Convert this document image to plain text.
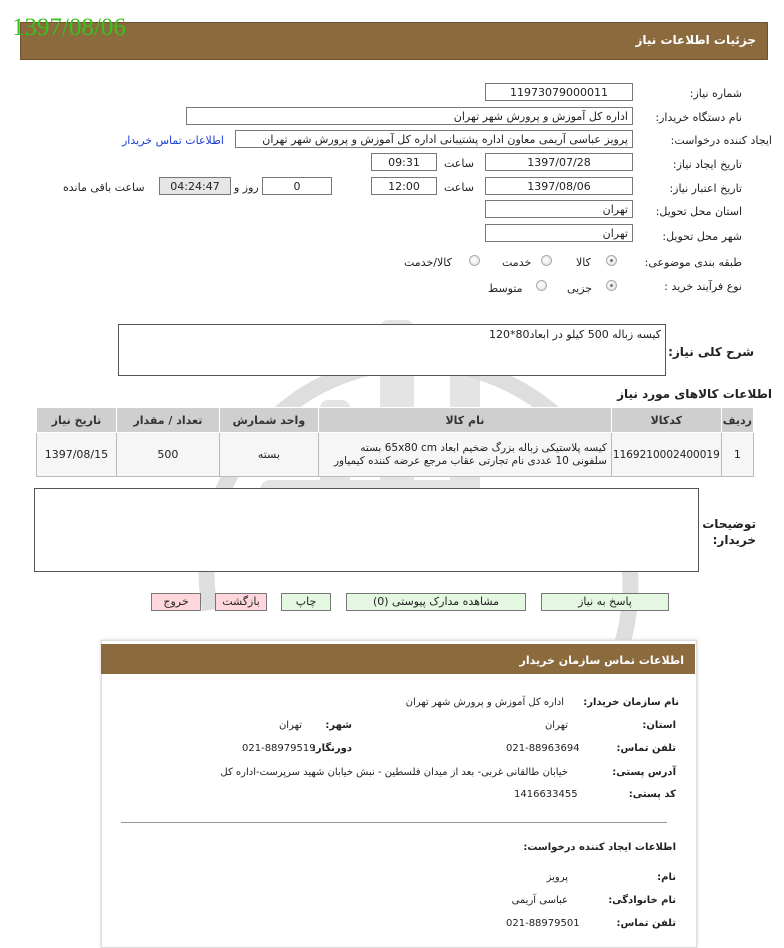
جزئیات اطلاعات نیاز
1397/08/06
شماره نیاز:
11973079000011
نام دستگاه خریدار:
اداره کل آموزش و پرورش شهر تهران
ایجاد کننده درخواست:
پرویز عباسی آریمی معاون اداره پشتیبانی اداره کل آموزش و پرورش شهر تهران
اطلاعات تماس خریدار
تاریخ ایجاد نیاز:
1397/07/28
ساعت
09:31
تاریخ اعتبار نیاز:
1397/08/06
ساعت
12:00
0
روز و
04:24:47
ساعت باقی مانده
استان محل تحویل:
تهران
شهر محل تحویل:
تهران
طبقه بندی موضوعی:
کالا
خدمت
کالا/خدمت
نوع فرآیند خرید :
جزیی
متوسط
شرح کلی نیاز:
کیسه زباله 500 کیلو در ابعاد80*120
اطلاعات کالاهای مورد نیاز
ردیف	کدکالا	نام کالا	واحد شمارش	تعداد / مقدار	تاریخ نیاز
1	1169210002400019	کیسه پلاستیکی زباله بزرگ ضخیم ابعاد 65x80 cm بسته سلفونی 10 عددی نام تجارتی عقاب مرجع عرضه کننده کیمیاور	بسته	500	1397/08/15
توضیحات خریدار:
پاسخ به نیاز
مشاهده مدارک پیوستی (0)
چاپ
بازگشت
خروج
اطلاعات تماس سازمان خریدار
نام سازمان خریدار:
اداره کل آموزش و پرورش شهر تهران
استان:
تهران
شهر:
تهران
تلفن تماس:
021-88963694
دورنگار:
021-88979519
آدرس پستی:
خیابان طالقانی غربی- بعد از میدان فلسطین - نبش خیابان شهید سرپرست-اداره کل
کد پستی:
1416633455
اطلاعات ایجاد کننده درخواست:
نام:
پرویز
نام خانوادگی:
عباسی آریمی
تلفن تماس:
021-88979501
